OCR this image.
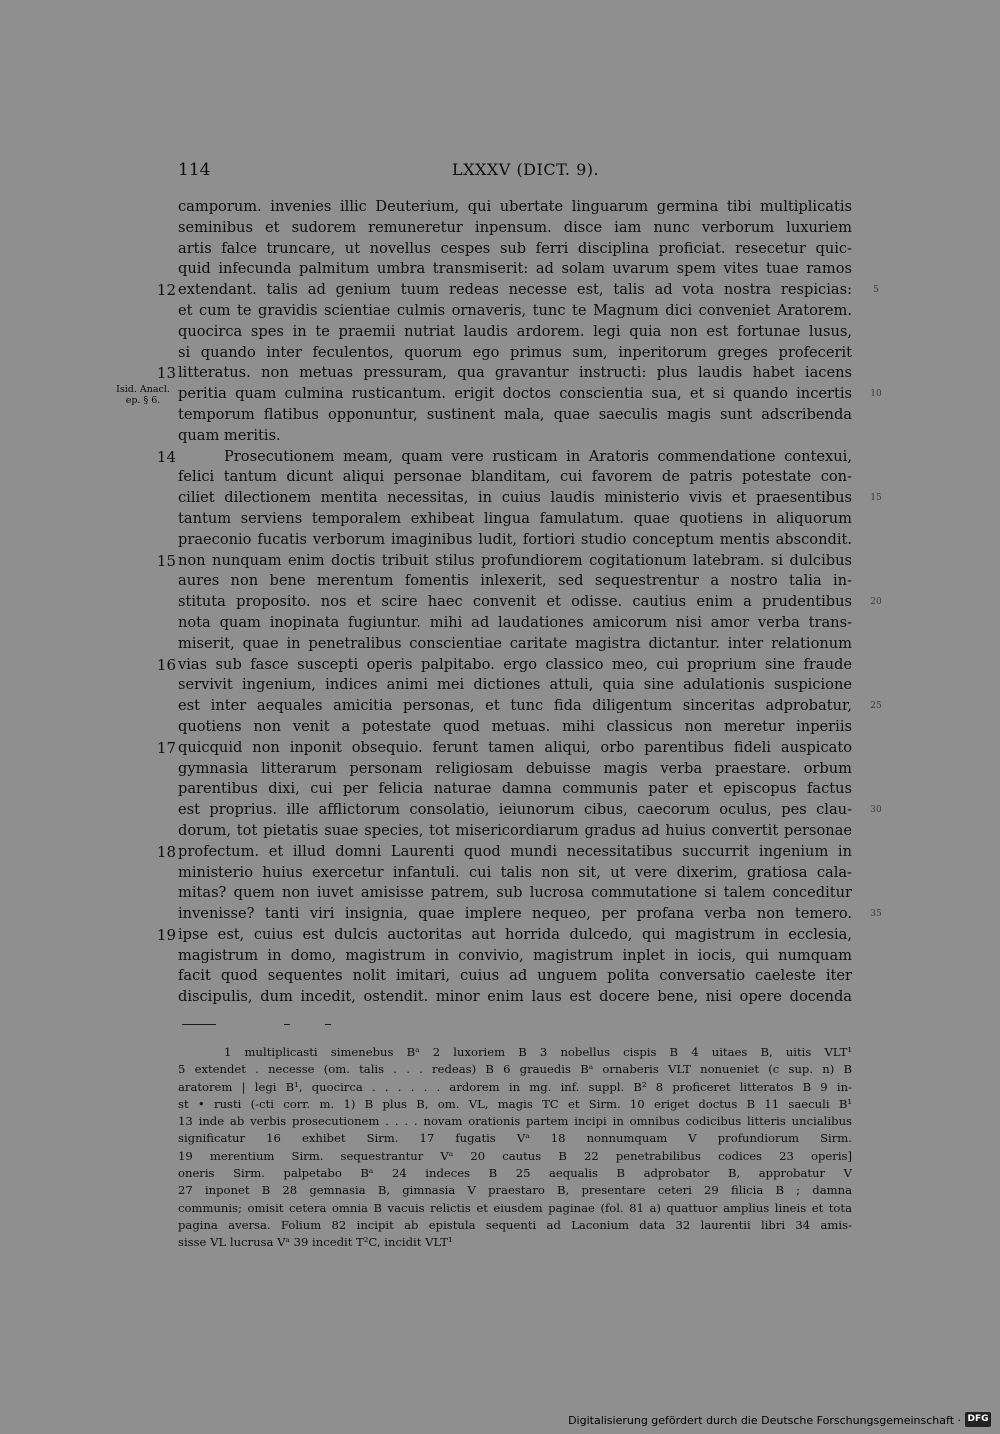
114	LXXXV (DICT. 9).
Isid. Anacl. ep. § 6.
camporum. invenies illic Deuterium, qui ubertate linguarum germina tibi multiplicatis
seminibus et sudorem remuneretur inpensum. disce iam nunc verborum luxuriem
artis falce truncare, ut novellus cespes sub ferri disciplina proficiat. resecetur quic-
quid infecunda palmitum umbra transmiserit: ad solam uvarum spem vites tuae ramos
extendant. talis ad genium tuum redeas necesse est, talis ad vota nostra respicias:
et cum te gravidis scientiae culmis ornaveris, tunc te Magnum dici conveniet Aratorem.
quocirca spes in te praemii nutriat laudis ardorem. legi quia non est fortunae lusus,
si quando inter feculentos, quorum ego primus sum, inperitorum greges profecerit
litteratus. non metuas pressuram, qua gravantur instructi: plus laudis habet iacens
peritia quam culmina rusticantum. erigit doctos conscientia sua, et si quando incertis
temporum flatibus opponuntur, sustinent mala, quae saeculis magis sunt adscribenda
quam meritis.
Prosecutionem meam, quam vere rusticam in Aratoris commendatione contexui,
felici tantum dicunt aliqui personae blanditam, cui favorem de patris potestate con-
ciliet dilectionem mentita necessitas, in cuius laudis ministerio vivis et praesentibus
tantum serviens temporalem exhibeat lingua famulatum. quae quotiens in aliquorum
praeconio fucatis verborum imaginibus ludit, fortiori studio conceptum mentis abscondit.
non nunquam enim doctis tribuit stilus profundiorem cogitationum latebram. si dulcibus
aures non bene merentum fomentis inlexerit, sed sequestrentur a nostro talia in-
stituta proposito. nos et scire haec convenit et odisse. cautius enim a prudentibus
nota quam inopinata fugiuntur. mihi ad laudationes amicorum nisi amor verba trans-
miserit, quae in penetralibus conscientiae caritate magistra dictantur. inter relationum
vias sub fasce suscepti operis palpitabo. ergo classico meo, cui proprium sine fraude
servivit ingenium, indices animi mei dictiones attuli, quia sine adulationis suspicione
est inter aequales amicitia personas, et tunc fida diligentum sinceritas adprobatur,
quotiens non venit a potestate quod metuas. mihi classicus non meretur inperiis
quicquid non inponit obsequio. ferunt tamen aliqui, orbo parentibus fideli auspicato
gymnasia litterarum personam religiosam debuisse magis verba praestare. orbum
parentibus dixi, cui per felicia naturae damna communis pater et episcopus factus
est proprius. ille afflictorum consolatio, ieiunorum cibus, caecorum oculus, pes clau-
dorum, tot pietatis suae species, tot misericordiarum gradus ad huius convertit personae
profectum. et illud domni Laurenti quod mundi necessitatibus succurrit ingenium in
ministerio huius exercetur infantuli. cui talis non sit, ut vere dixerim, gratiosa cala-
mitas? quem non iuvet amisisse patrem, sub lucrosa commutatione si talem conceditur
invenisse? tanti viri insignia, quae implere nequeo, per profana verba non temero.
ipse est, cuius est dulcis auctoritas aut horrida dulcedo, qui magistrum in ecclesia,
magistrum in domo, magistrum in convivio, magistrum inplet in iocis, qui numquam
facit quod sequentes nolit imitari, cuius ad unguem polita conversatio caeleste iter
discipulis, dum incedit, ostendit. minor enim laus est docere bene, nisi opere docenda
12
13
14
15
16
17
18
19
5
10
15
20
25
30
35
1 multiplicasti simenebus Bᵃ 2 luxoriem B 3 nobellus cispis B 4 uitaes B, uitis VLT¹
5 extendet . necesse (om. talis . . . redeas) B 6 grauedis Bᵃ ornaberis VLT nonueniet (c sup. n) B
aratorem | legi B¹, quocirca . . . . . . ardorem in mg. inf. suppl. B² 8 proficeret litteratos B 9 in-
st • rusti (-cti corr. m. 1) B plus B, om. VL, magis TC et Sirm. 10 eriget doctus B 11 saeculi B¹
13 inde ab verbis prosecutionem . . . . novam orationis partem incipi in omnibus codicibus litteris uncialibus
significatur 16 exhibet Sirm. 17 fugatis Vᵃ 18 nonnumquam V profundiorum Sirm.
19 merentium Sirm. sequestrantur Vᵃ 20 cautus B 22 penetrabilibus codices 23 operis]
oneris Sirm. palpetabo Bᵃ 24 indeces B 25 aequalis B adprobator B, approbatur V
27 inponet B 28 gemnasia B, gimnasia V praestaro B, presentare ceteri 29 filicia B ; damna
communis; omisit cetera omnia B vacuis relictis et eiusdem paginae (fol. 81 a) quattuor amplius lineis et tota
pagina aversa. Folium 82 incipit ab epistula sequenti ad Laconium data 32 laurentii libri 34 amis-
sisse VL lucrusa Vᵃ 39 incedit T²C, incidit VLT¹
Digitalisierung gefördert durch die Deutsche Forschungsgemeinschaft · DFG
